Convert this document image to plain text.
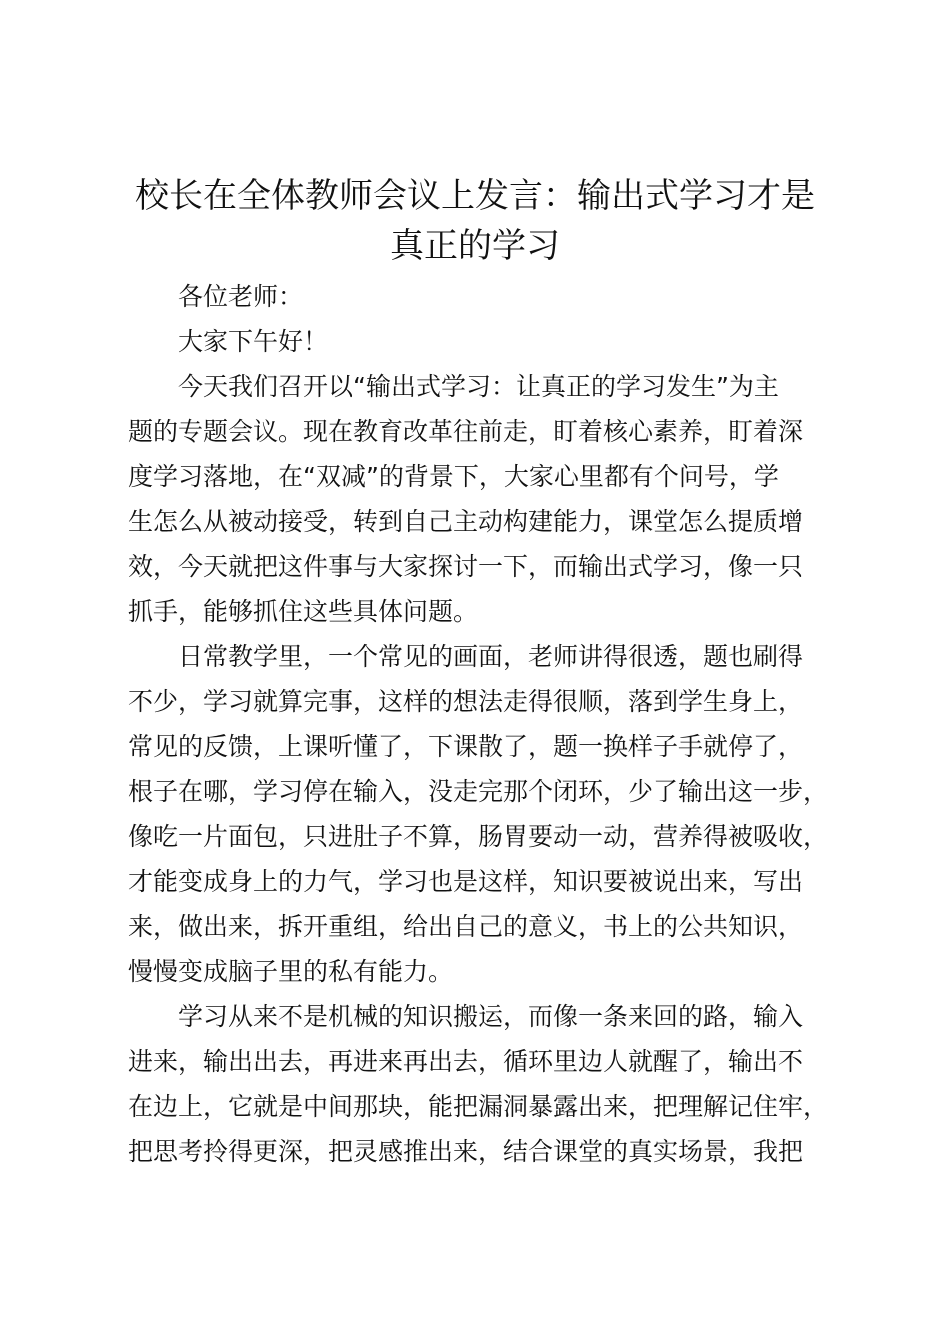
校长在全体教师会议上发言：输出式学习才是
真正的学习
各位老师：
大家下午好！
今天我们召开以“输出式学习：让真正的学习发生”为主
题的专题会议。现在教育改革往前走，盯着核心素养，盯着深
度学习落地，在“双减”的背景下，大家心里都有个问号，学
生怎么从被动接受，转到自己主动构建能力，课堂怎么提质增
效，今天就把这件事与大家探讨一下，而输出式学习，像一只
抓手，能够抓住这些具体问题。
日常教学里，一个常见的画面，老师讲得很透，题也刷得
不少，学习就算完事，这样的想法走得很顺，落到学生身上，
常见的反馈，上课听懂了，下课散了，题一换样子手就停了，
根子在哪，学习停在输入，没走完那个闭环，少了输出这一步，
像吃一片面包，只进肚子不算，肠胃要动一动，营养得被吸收，
才能变成身上的力气，学习也是这样，知识要被说出来，写出
来，做出来，拆开重组，给出自己的意义，书上的公共知识，
慢慢变成脑子里的私有能力。
学习从来不是机械的知识搬运，而像一条来回的路，输入
进来，输出出去，再进来再出去，循环里边人就醒了，输出不
在边上，它就是中间那块，能把漏洞暴露出来，把理解记住牢，
把思考拎得更深，把灵感推出来，结合课堂的真实场景，我把
